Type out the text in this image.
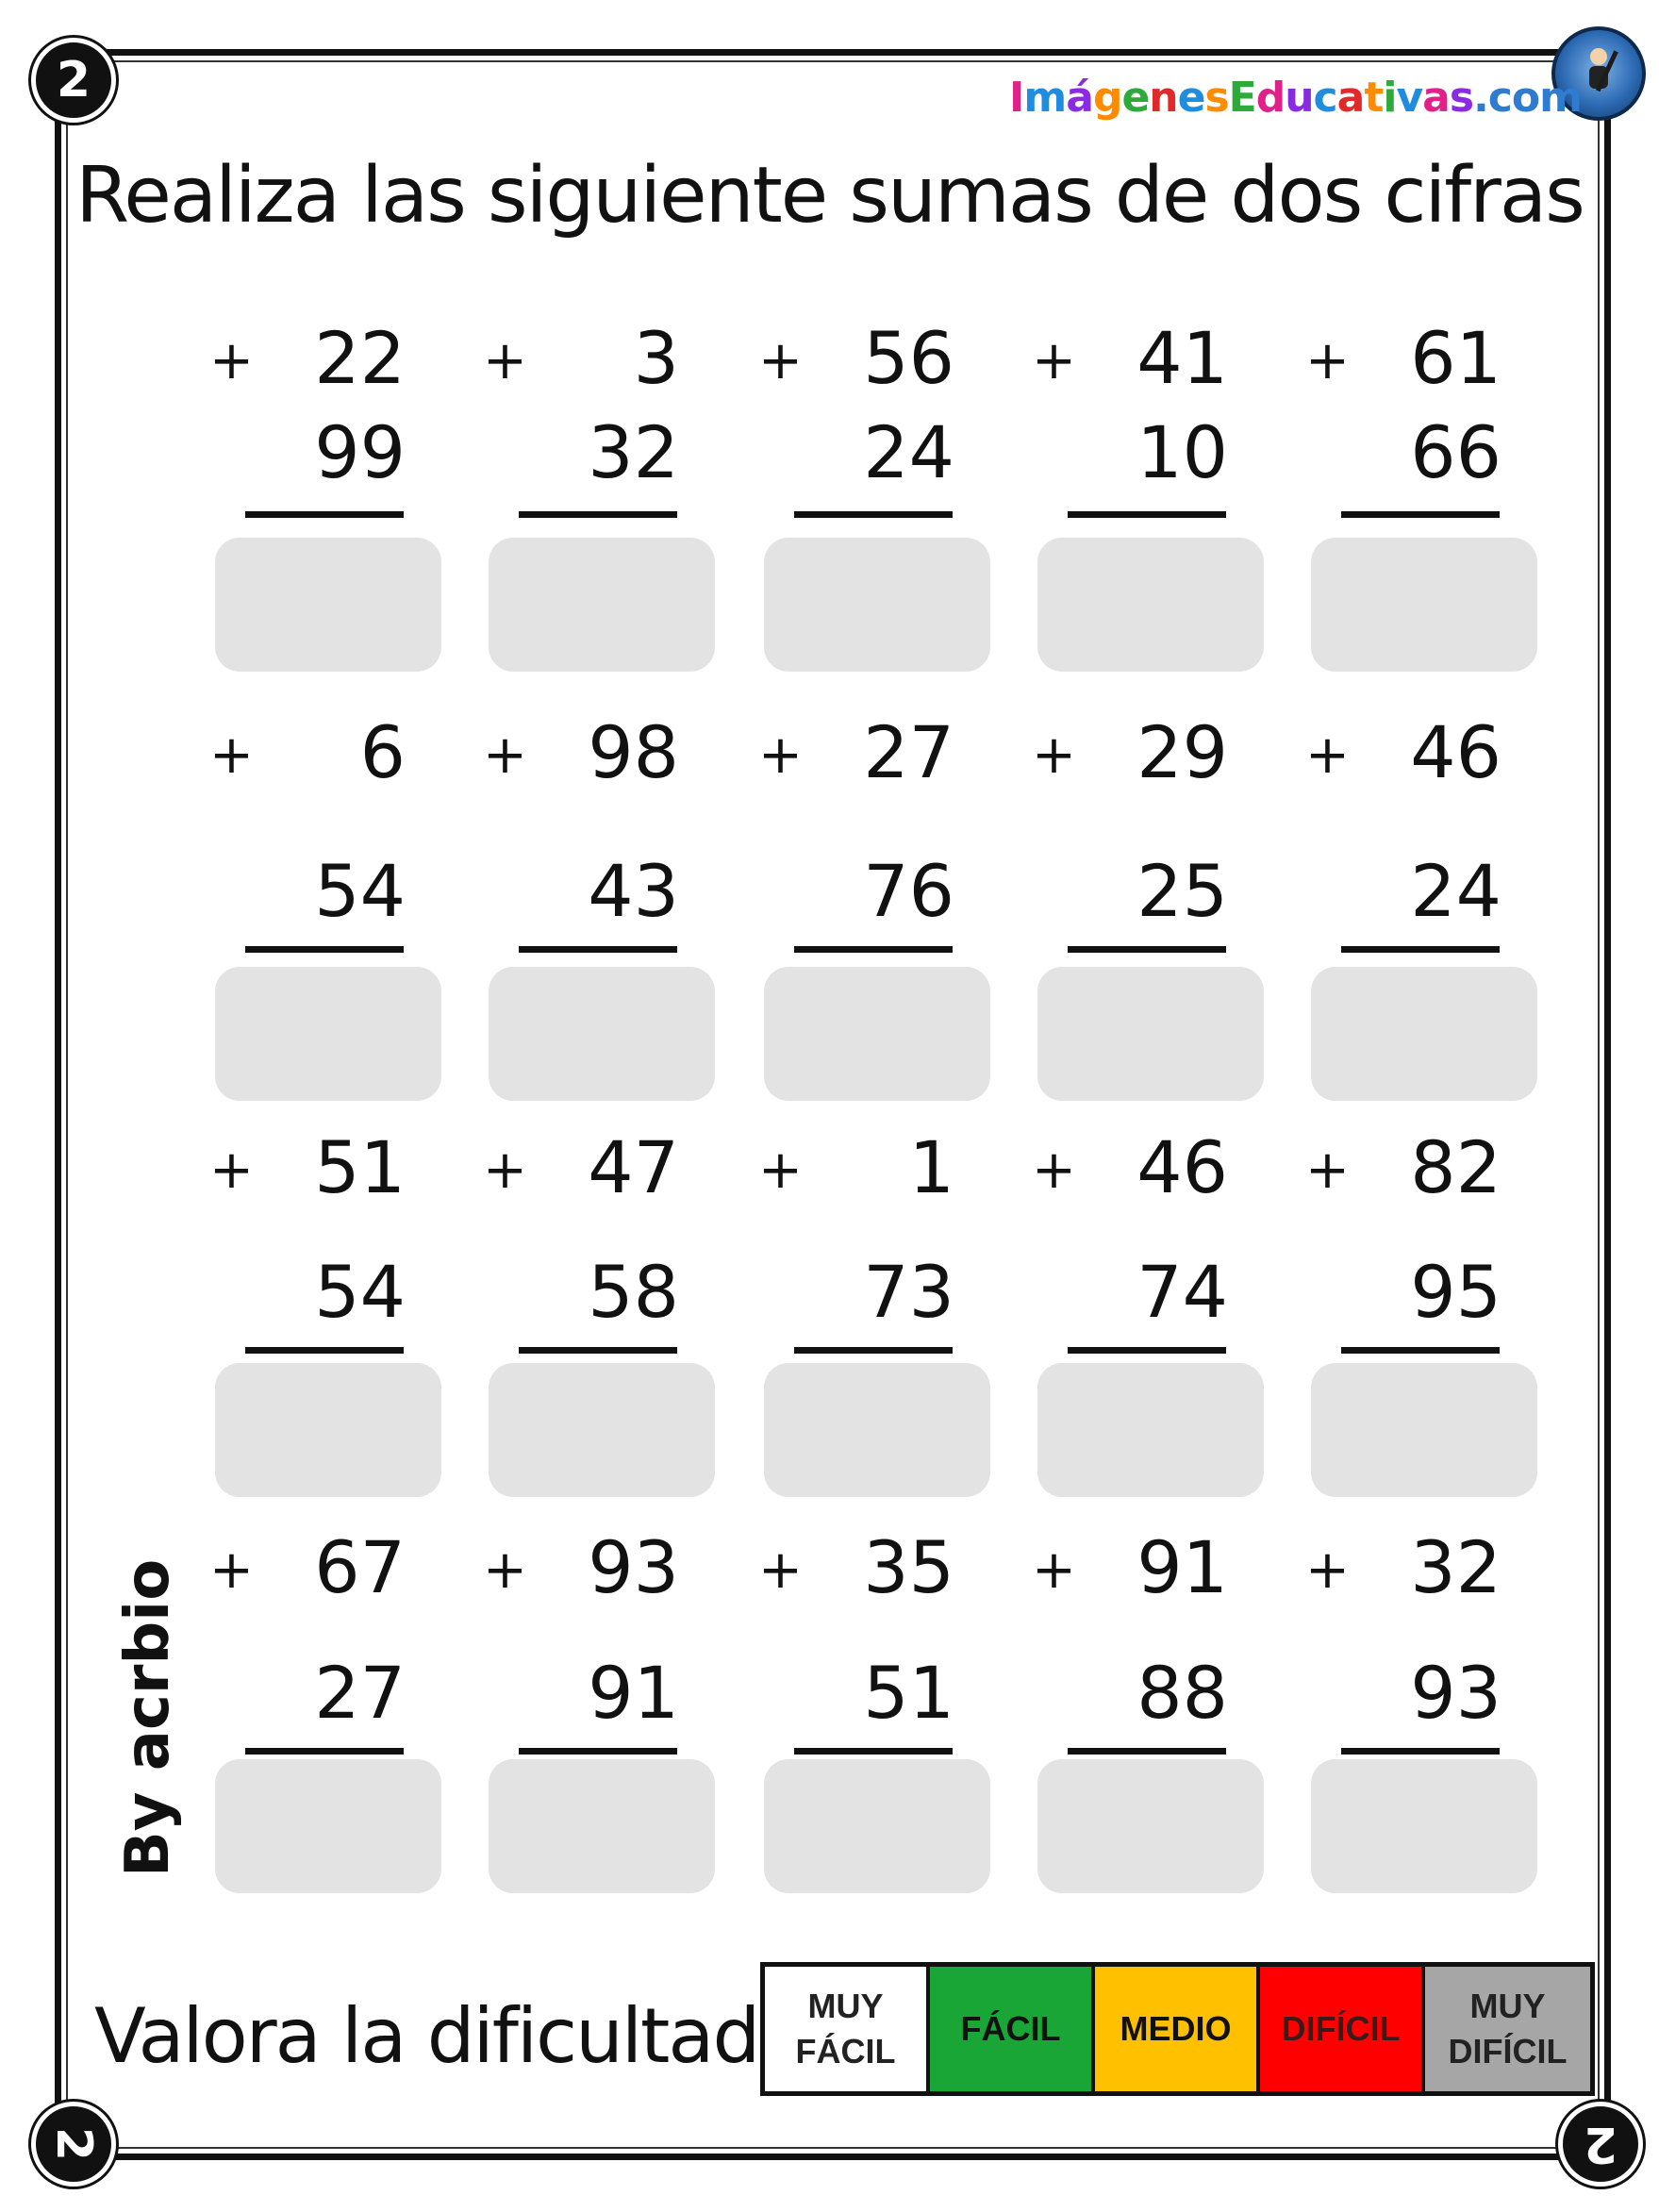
2
2	2
ImágenesEducativas.com
Realiza las siguiente sumas de dos cifras
+ 22
99
+	3
32
+ 56
24
+ 41
10
+ 61
66
+	6
54
+ 98
43
+ 27
76
+ 29
25
+ 46
24
+ 51
54
+ 47
58
+	1
73
+ 46
74
+ 82
95
+ 67
27
+ 93
91
+ 35
51
+ 91
88
+ 32
93
By acrbio
Valora la dificultad	MUY
FÁCIL
FÁCIL MEDIO DIFÍCIL
MUY
DIFÍCIL
